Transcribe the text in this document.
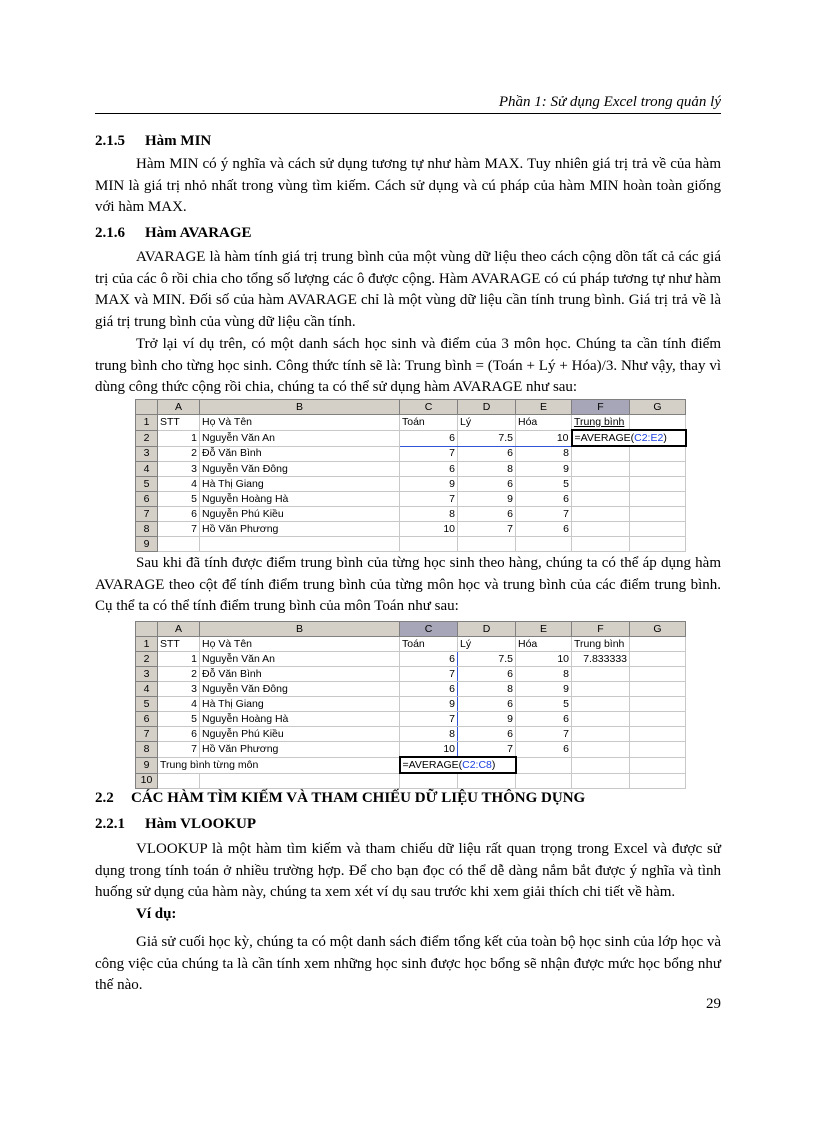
Phần 1: Sử dụng Excel trong quản lý
2.1.5 Hàm MIN
Hàm MIN có ý nghĩa và cách sử dụng tương tự như hàm MAX. Tuy nhiên giá trị trả về của hàm MIN là giá trị nhỏ nhất trong vùng tìm kiếm. Cách sử dụng và cú pháp của hàm MIN hoàn toàn giống với hàm MAX.
2.1.6 Hàm AVARAGE
AVARAGE là hàm tính giá trị trung bình của một vùng dữ liệu theo cách cộng dồn tất cả các giá trị của các ô rồi chia cho tổng số lượng các ô được cộng. Hàm AVARAGE có cú pháp tương tự như hàm MAX và MIN. Đối số của hàm AVARAGE chỉ là một vùng dữ liệu cần tính trung bình. Giá trị trả về là giá trị trung bình của vùng dữ liệu cần tính.
Trở lại ví dụ trên, có một danh sách học sinh và điểm của 3 môn học. Chúng ta cần tính điểm trung bình cho từng học sinh. Công thức tính sẽ là: Trung bình = (Toán + Lý + Hóa)/3. Như vậy, thay vì dùng công thức cộng rồi chia, chúng ta có thể sử dụng hàm AVARAGE như sau:
	A	B	C	D	E	F	G
1	STT	Họ Và Tên	Toán	Lý	Hóa	Trung bình	
2	1	Nguyễn Văn An	6	7.5	10	=AVERAGE(C2:E2)	
3	2	Đỗ Văn Bình	7	6	8		
4	3	Nguyễn Văn Đông	6	8	9		
5	4	Hà Thị Giang	9	6	5		
6	5	Nguyễn Hoàng Hà	7	9	6		
7	6	Nguyễn Phú Kiều	8	6	7		
8	7	Hồ Văn Phương	10	7	6		
9							
Sau khi đã tính được điểm trung bình của từng học sinh theo hàng, chúng ta có thể áp dụng hàm AVARAGE theo cột để tính điểm trung bình của từng môn học và trung bình của các điểm trung bình. Cụ thể ta có thể tính điểm trung bình của môn Toán như sau:
	A	B	C	D	E	F	G
1	STT	Họ Và Tên	Toán	Lý	Hóa	Trung bình	
2	1	Nguyễn Văn An	6	7.5	10	7.833333	
3	2	Đỗ Văn Bình	7	6	8		
4	3	Nguyễn Văn Đông	6	8	9		
5	4	Hà Thị Giang	9	6	5		
6	5	Nguyễn Hoàng Hà	7	9	6		
7	6	Nguyễn Phú Kiều	8	6	7		
8	7	Hồ Văn Phương	10	7	6		
9	Trung bình từng môn		=AVERAGE(C2:C8)				
10							
2.2 CÁC HÀM TÌM KIẾM VÀ THAM CHIẾU DỮ LIỆU THÔNG DỤNG
2.2.1 Hàm VLOOKUP
VLOOKUP là một hàm tìm kiếm và tham chiếu dữ liệu rất quan trọng trong Excel và được sử dụng trong tính toán ở nhiều trường hợp. Để cho bạn đọc có thể dễ dàng nắm bắt được ý nghĩa và tình huống sử dụng của hàm này, chúng ta xem xét ví dụ sau trước khi xem giải thích chi tiết về hàm.
Ví dụ:
Giả sử cuối học kỳ, chúng ta có một danh sách điểm tổng kết của toàn bộ học sinh của lớp học và công việc của chúng ta là cần tính xem những học sinh được học bổng sẽ nhận được mức học bổng như thế nào.
29
